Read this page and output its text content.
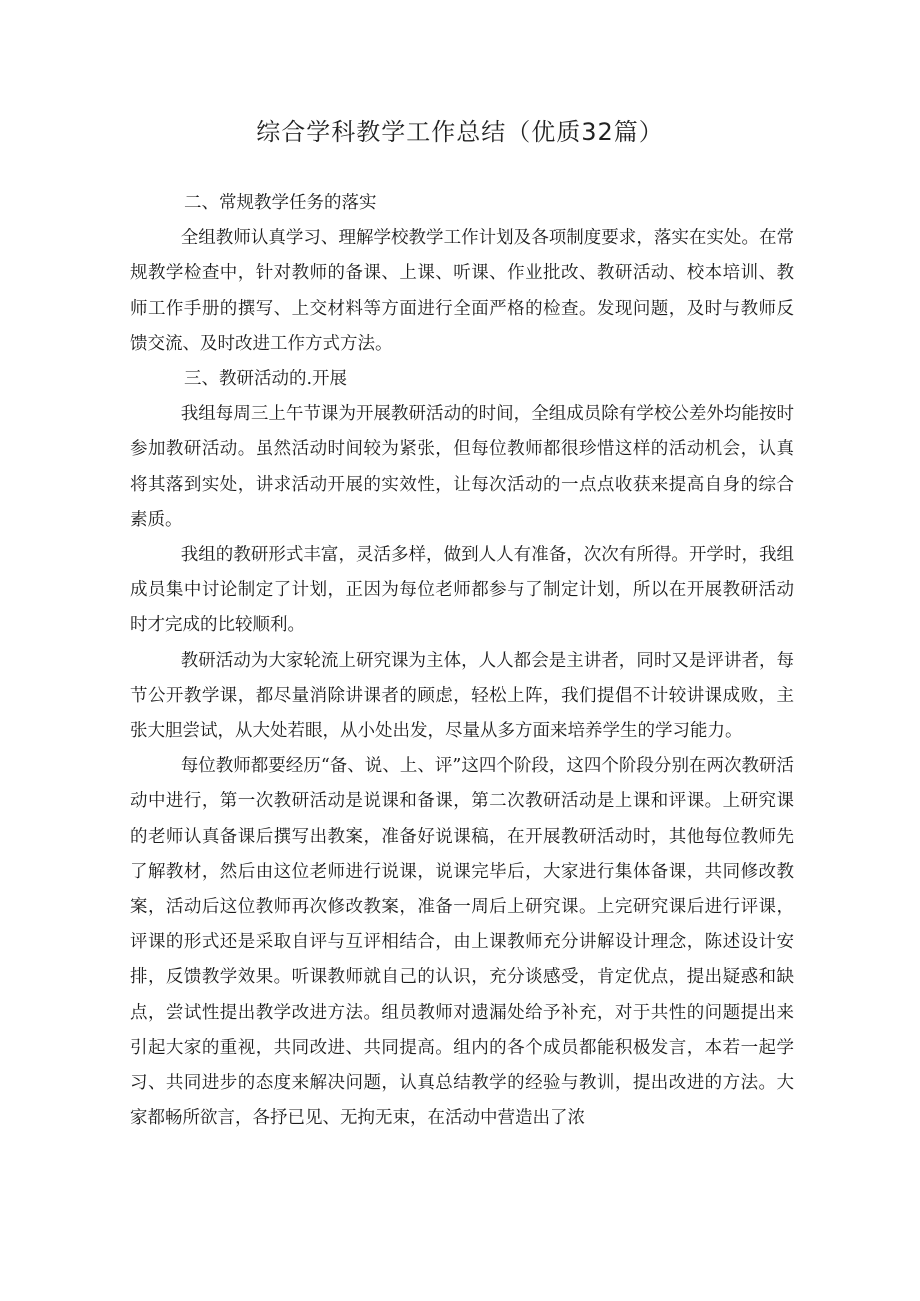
综合学科教学工作总结（优质32篇）

二、常规教学任务的落实

全组教师认真学习、理解学校教学工作计划及各项制度要求，落实在实处。在常规教学检查中，针对教师的备课、上课、听课、作业批改、教研活动、校本培训、教师工作手册的撰写、上交材料等方面进行全面严格的检查。发现问题，及时与教师反馈交流、及时改进工作方式方法。

三、教研活动的.开展

我组每周三上午节课为开展教研活动的时间，全组成员除有学校公差外均能按时参加教研活动。虽然活动时间较为紧张，但每位教师都很珍惜这样的活动机会，认真将其落到实处，讲求活动开展的实效性，让每次活动的一点点收获来提高自身的综合素质。

我组的教研形式丰富，灵活多样，做到人人有准备，次次有所得。开学时，我组成员集中讨论制定了计划，正因为每位老师都参与了制定计划，所以在开展教研活动时才完成的比较顺利。

教研活动为大家轮流上研究课为主体，人人都会是主讲者，同时又是评讲者，每节公开教学课，都尽量消除讲课者的顾虑，轻松上阵，我们提倡不计较讲课成败，主张大胆尝试，从大处若眼，从小处出发，尽量从多方面来培养学生的学习能力。

每位教师都要经历“备、说、上、评”这四个阶段，这四个阶段分别在两次教研活动中进行，第一次教研活动是说课和备课，第二次教研活动是上课和评课。上研究课的老师认真备课后撰写出教案，准备好说课稿，在开展教研活动时，其他每位教师先了解教材，然后由这位老师进行说课，说课完毕后，大家进行集体备课，共同修改教案，活动后这位教师再次修改教案，准备一周后上研究课。上完研究课后进行评课，评课的形式还是采取自评与互评相结合，由上课教师充分讲解设计理念，陈述设计安排，反馈教学效果。听课教师就自己的认识，充分谈感受，肯定优点，提出疑惑和缺点，尝试性提出教学改进方法。组员教师对遗漏处给予补充，对于共性的问题提出来引起大家的重视，共同改进、共同提高。组内的各个成员都能积极发言，本若一起学习、共同进步的态度来解决问题，认真总结教学的经验与教训，提出改进的方法。大家都畅所欲言，各抒已见、无拘无束，在活动中营造出了浓
